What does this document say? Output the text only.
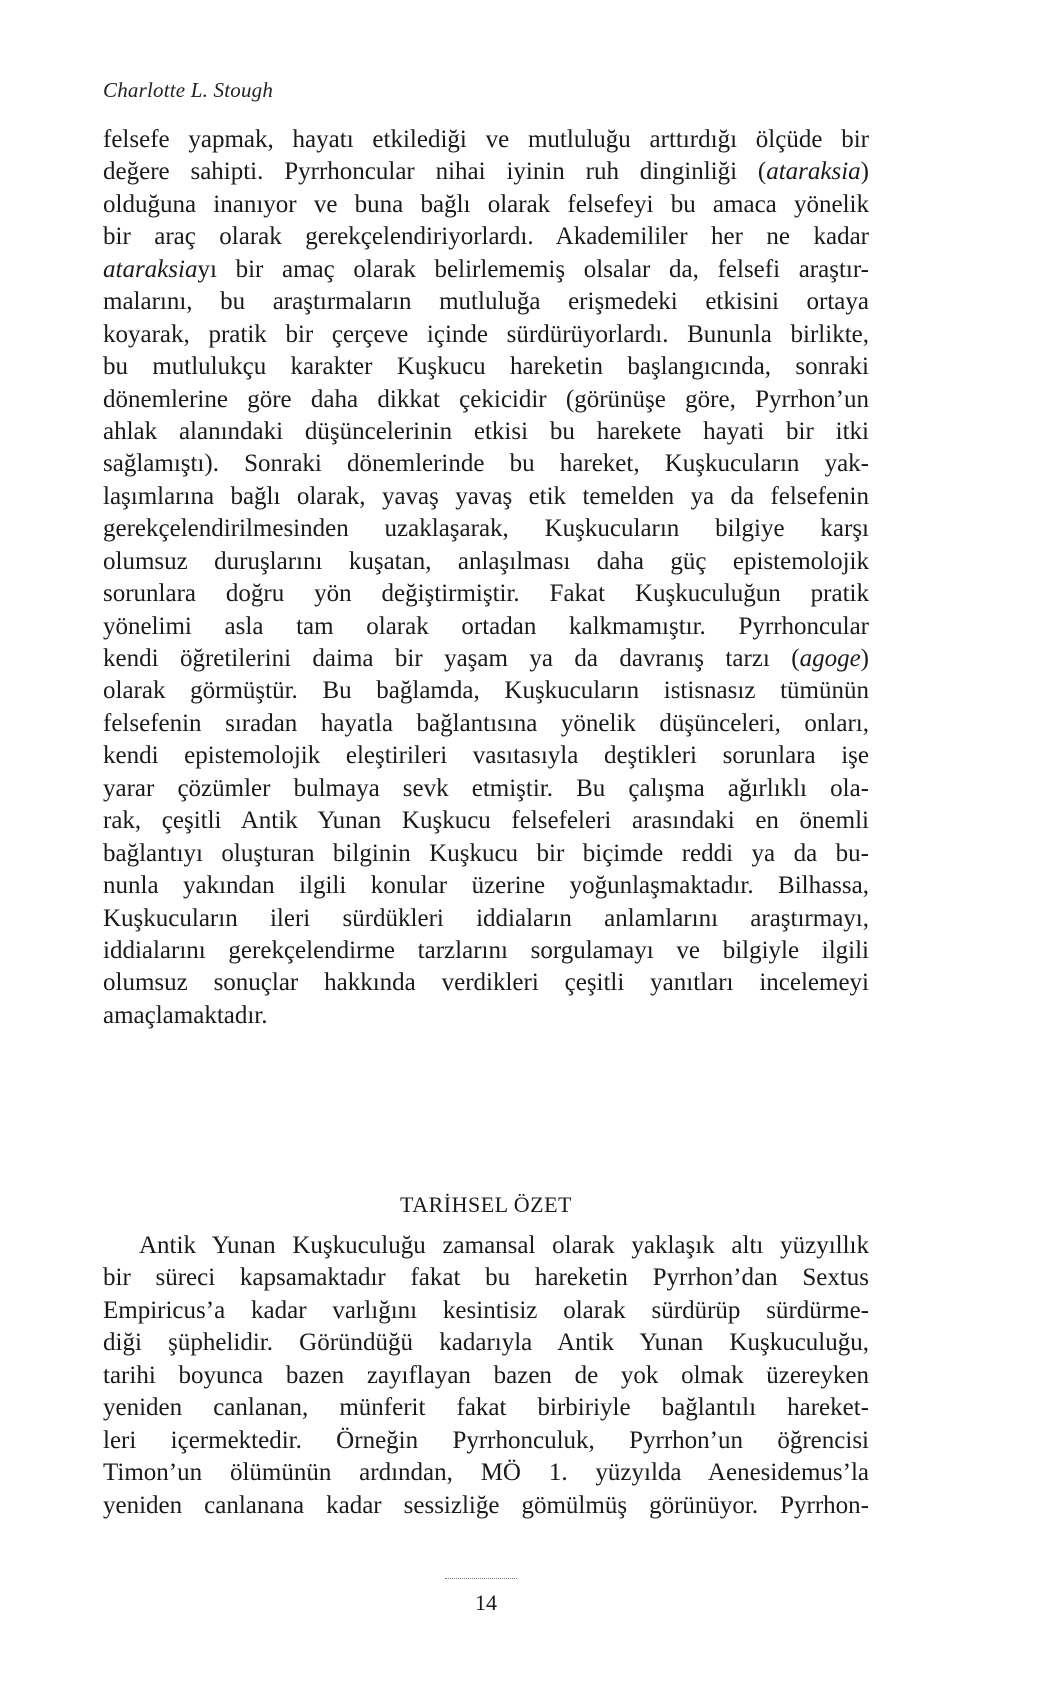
Charlotte L. Stough
felsefe yapmak, hayatı etkilediği ve mutluluğu arttırdığı ölçüde bir
değere sahipti. Pyrrhoncular nihai iyinin ruh dinginliği (ataraksia)
olduğuna inanıyor ve buna bağlı olarak felsefeyi bu amaca yönelik
bir araç olarak gerekçelendiriyorlardı. Akademililer her ne kadar
ataraksiayı bir amaç olarak belirlememiş olsalar da, felsefi araştır-
malarını, bu araştırmaların mutluluğa erişmedeki etkisini ortaya
koyarak, pratik bir çerçeve içinde sürdürüyorlardı. Bununla birlikte,
bu mutlulukçu karakter Kuşkucu hareketin başlangıcında, sonraki
dönemlerine göre daha dikkat çekicidir (görünüşe göre, Pyrrhon’un
ahlak alanındaki düşüncelerinin etkisi bu harekete hayati bir itki
sağlamıştı). Sonraki dönemlerinde bu hareket, Kuşkucuların yak-
laşımlarına bağlı olarak, yavaş yavaş etik temelden ya da felsefenin
gerekçelendirilmesinden uzaklaşarak, Kuşkucuların bilgiye karşı
olumsuz duruşlarını kuşatan, anlaşılması daha güç epistemolojik
sorunlara doğru yön değiştirmiştir. Fakat Kuşkuculuğun pratik
yönelimi asla tam olarak ortadan kalkmamıştır. Pyrrhoncular
kendi öğretilerini daima bir yaşam ya da davranış tarzı (agoge)
olarak görmüştür. Bu bağlamda, Kuşkucuların istisnasız tümünün
felsefenin sıradan hayatla bağlantısına yönelik düşünceleri, onları,
kendi epistemolojik eleştirileri vasıtasıyla deştikleri sorunlara işe
yarar çözümler bulmaya sevk etmiştir. Bu çalışma ağırlıklı ola-
rak, çeşitli Antik Yunan Kuşkucu felsefeleri arasındaki en önemli
bağlantıyı oluşturan bilginin Kuşkucu bir biçimde reddi ya da bu-
nunla yakından ilgili konular üzerine yoğunlaşmaktadır. Bilhassa,
Kuşkucuların ileri sürdükleri iddiaların anlamlarını araştırmayı,
iddialarını gerekçelendirme tarzlarını sorgulamayı ve bilgiyle ilgili
olumsuz sonuçlar hakkında verdikleri çeşitli yanıtları incelemeyi
amaçlamaktadır.
TARİHSEL ÖZET
Antik Yunan Kuşkuculuğu zamansal olarak yaklaşık altı yüzyıllık
bir süreci kapsamaktadır fakat bu hareketin Pyrrhon’dan Sextus
Empiricus’a kadar varlığını kesintisiz olarak sürdürüp sürdürme-
diği şüphelidir. Göründüğü kadarıyla Antik Yunan Kuşkuculuğu,
tarihi boyunca bazen zayıflayan bazen de yok olmak üzereyken
yeniden canlanan, münferit fakat birbiriyle bağlantılı hareket-
leri içermektedir. Örneğin Pyrrhonculuk, Pyrrhon’un öğrencisi
Timon’un ölümünün ardından, MÖ 1. yüzyılda Aenesidemus’la
yeniden canlanana kadar sessizliğe gömülmüş görünüyor. Pyrrhon-
14
